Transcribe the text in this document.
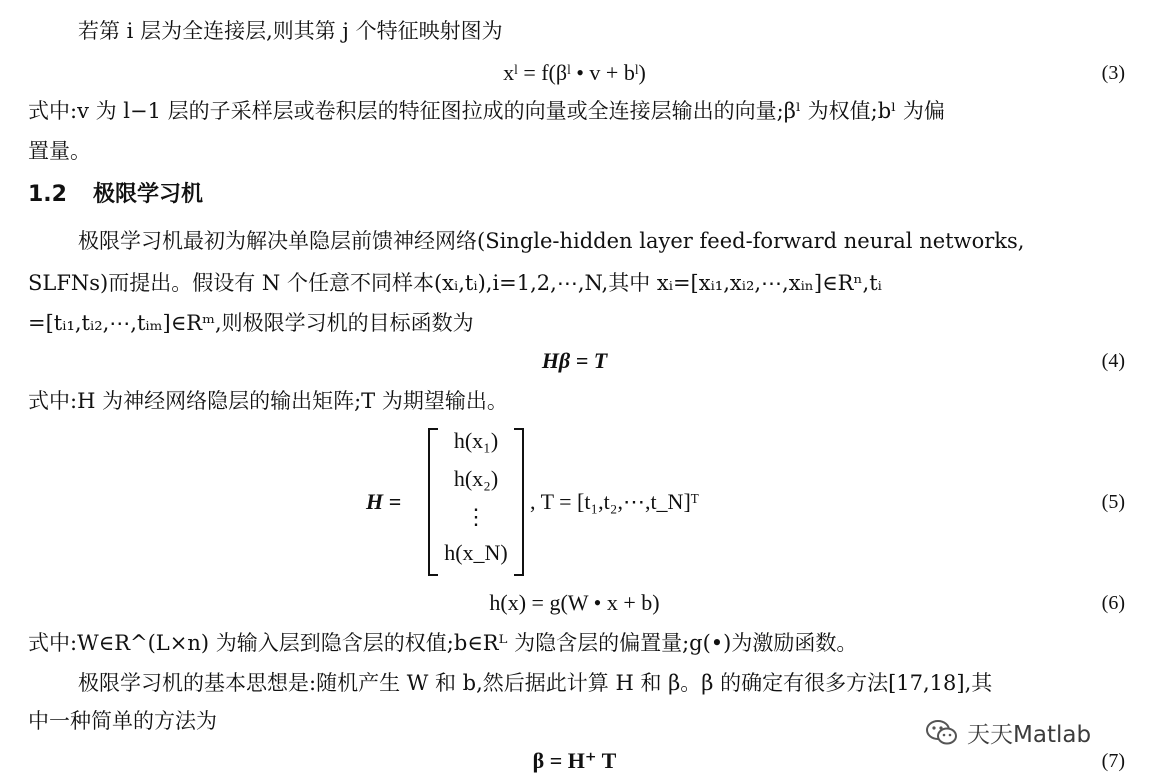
若第 i 层为全连接层,则其第 j 个特征映射图为
xˡ = f(βˡ • v + bˡ)	(3)
式中:v 为 l−1 层的子采样层或卷积层的特征图拉成的向量或全连接层输出的向量;βˡ 为权值;bˡ 为偏
置量。
1.2 极限学习机
极限学习机最初为解决单隐层前馈神经网络(Single-hidden layer feed-forward neural networks,
SLFNs)而提出。假设有 N 个任意不同样本(xᵢ,tᵢ),i=1,2,⋯,N,其中 xᵢ=[xᵢ₁,xᵢ₂,⋯,xᵢₙ]∈Rⁿ,tᵢ
=[tᵢ₁,tᵢ₂,⋯,tᵢₘ]∈Rᵐ,则极限学习机的目标函数为
Hβ = T	(4)
式中:H 为神经网络隐层的输出矩阵;T 为期望输出。
H =
h(x₁)
h(x₂)
⋮
h(x_N)
, T = [t₁,t₂,⋯,t_N]ᵀ	(5)
h(x) = g(W • x + b)	(6)
式中:W∈R^(L×n) 为输入层到隐含层的权值;b∈Rᴸ 为隐含层的偏置量;g(•)为激励函数。
极限学习机的基本思想是:随机产生 W 和 b,然后据此计算 H 和 β。β 的确定有很多方法[17,18],其
中一种简单的方法为
β = H⁺ T	(7)
天天Matlab
